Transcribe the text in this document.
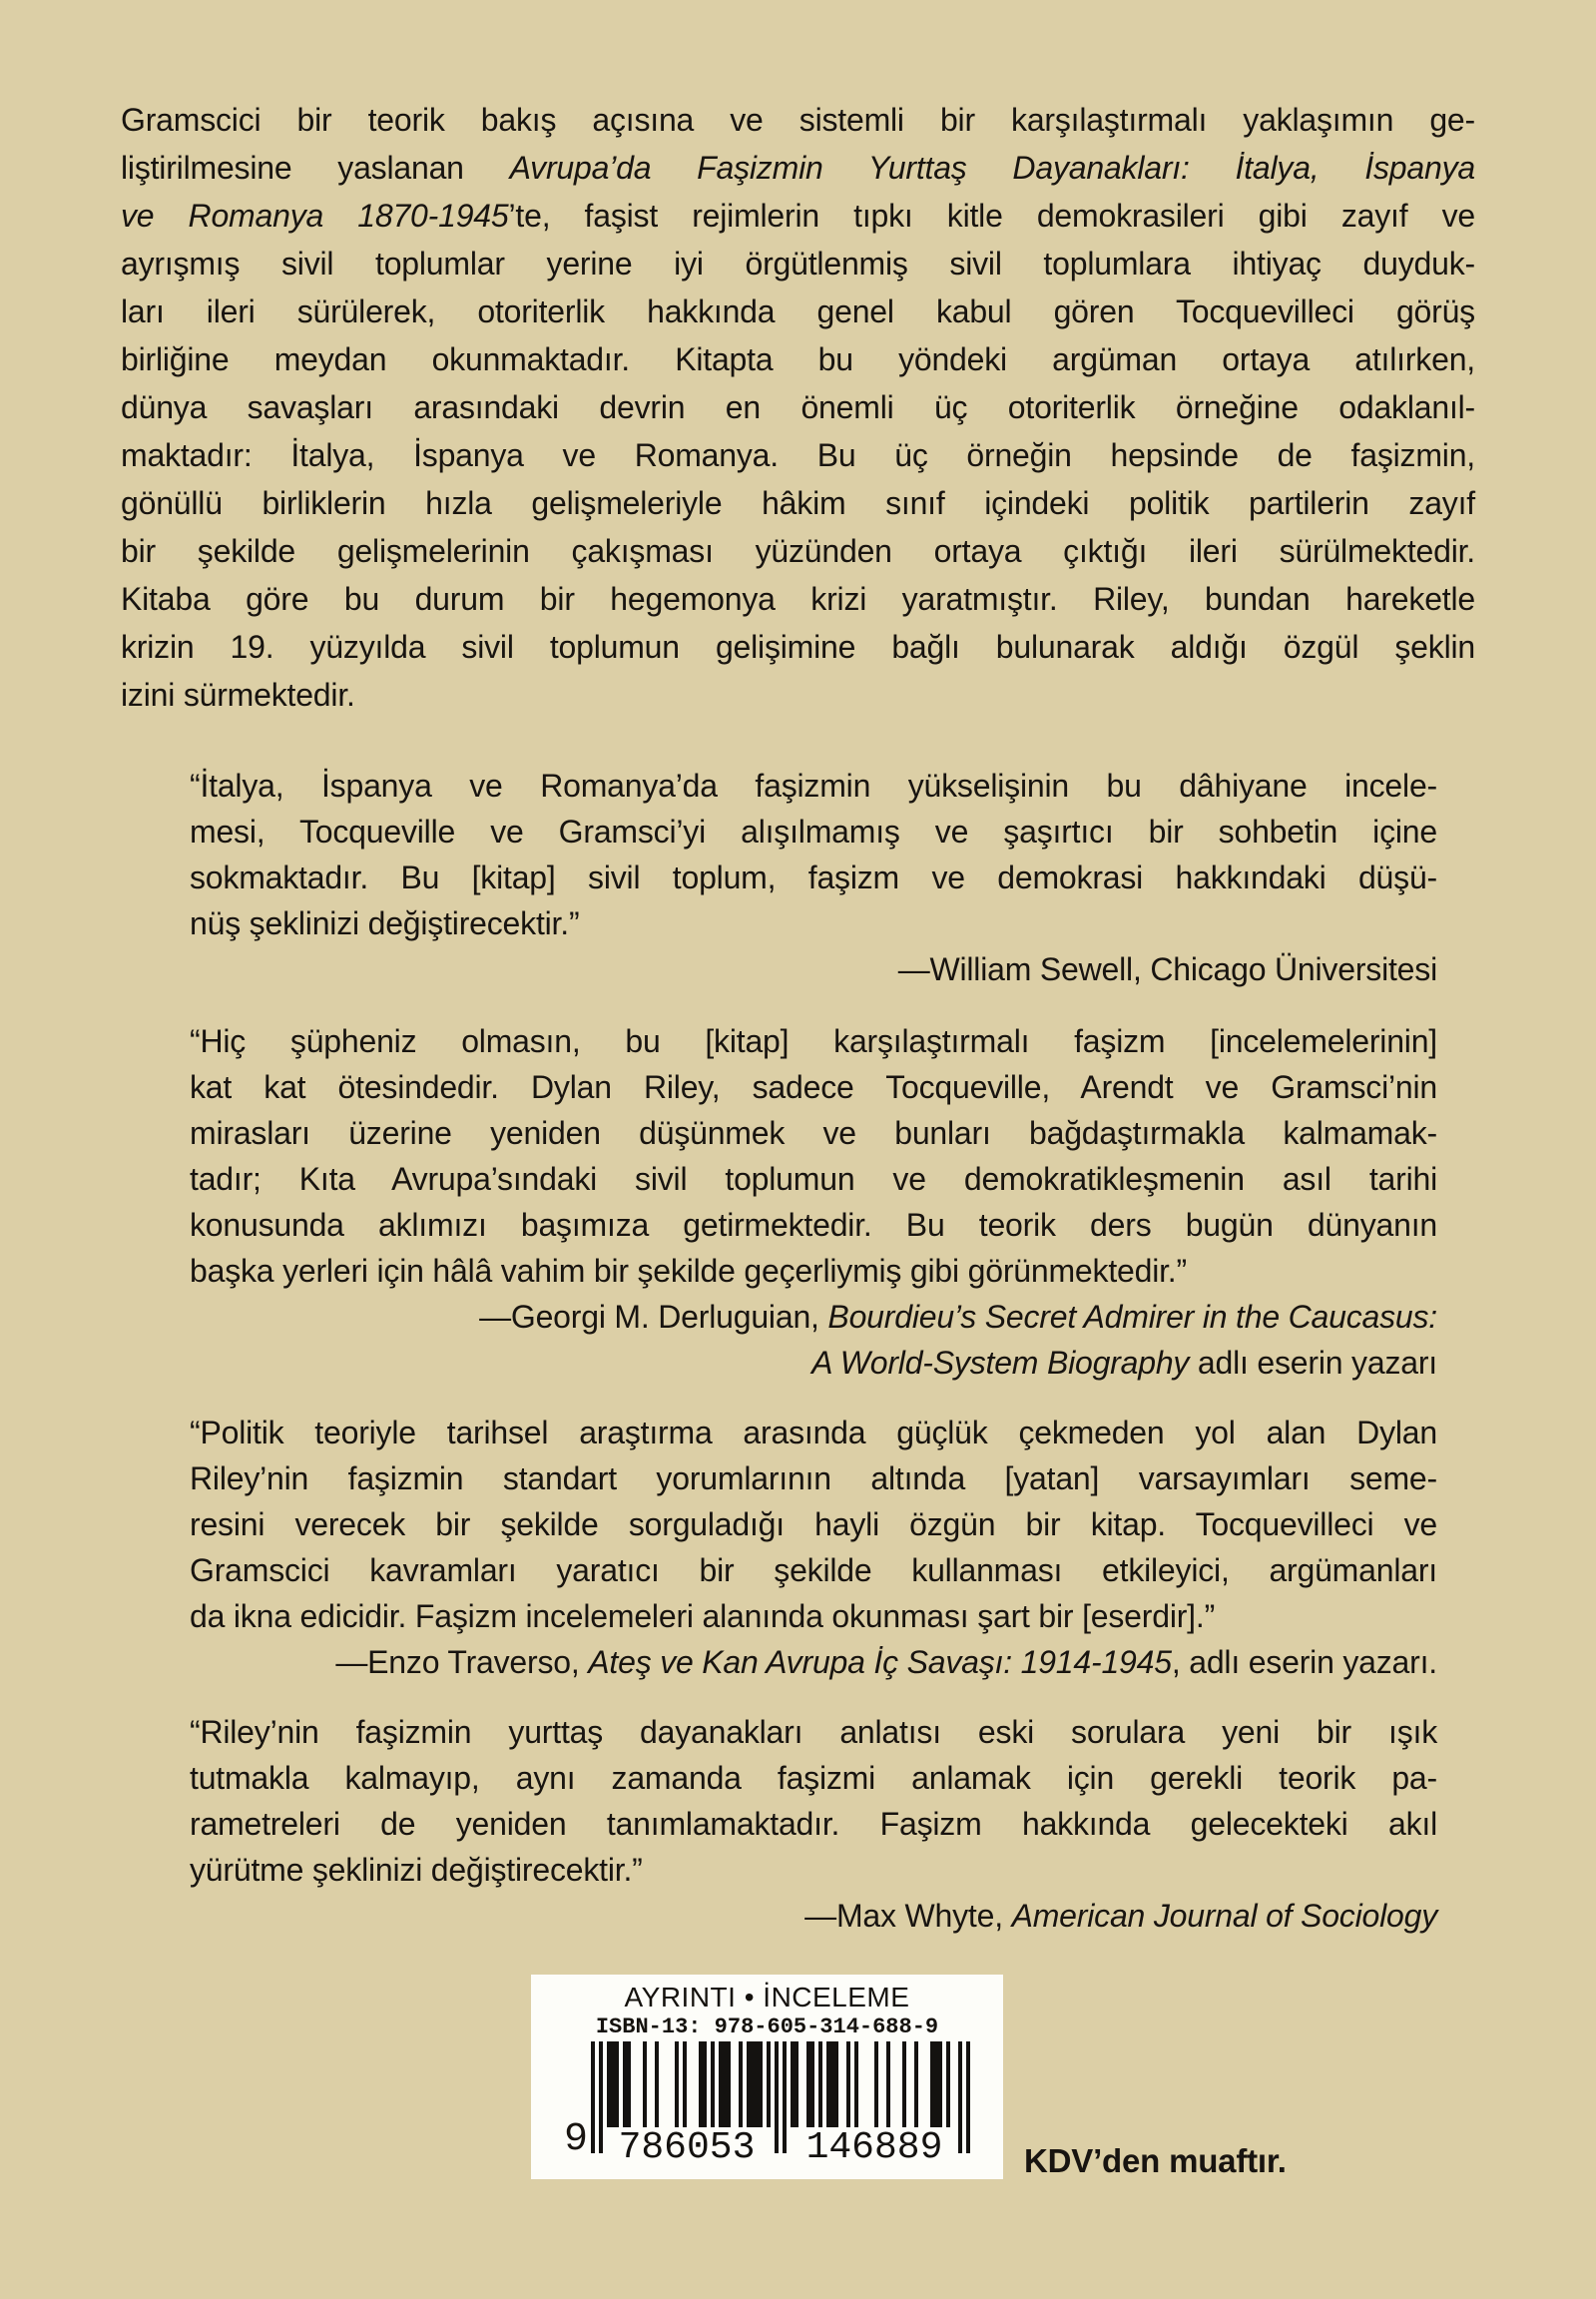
Gramscici bir teorik bakış açısına ve sistemli bir karşılaştırmalı yaklaşımın ge-
liştirilmesine yaslanan Avrupa’da Faşizmin Yurttaş Dayanakları: İtalya, İspanya
ve Romanya 1870-1945’te, faşist rejimlerin tıpkı kitle demokrasileri gibi zayıf ve
ayrışmış sivil toplumlar yerine iyi örgütlenmiş sivil toplumlara ihtiyaç duyduk-
ları ileri sürülerek, otoriterlik hakkında genel kabul gören Tocquevilleci görüş
birliğine meydan okunmaktadır. Kitapta bu yöndeki argüman ortaya atılırken,
dünya savaşları arasındaki devrin en önemli üç otoriterlik örneğine odaklanıl-
maktadır: İtalya, İspanya ve Romanya. Bu üç örneğin hepsinde de faşizmin,
gönüllü birliklerin hızla gelişmeleriyle hâkim sınıf içindeki politik partilerin zayıf
bir şekilde gelişmelerinin çakışması yüzünden ortaya çıktığı ileri sürülmektedir.
Kitaba göre bu durum bir hegemonya krizi yaratmıştır. Riley, bundan hareketle
krizin 19. yüzyılda sivil toplumun gelişimine bağlı bulunarak aldığı özgül şeklin
izini sürmektedir.
“İtalya, İspanya ve Romanya’da faşizmin yükselişinin bu dâhiyane incele-
mesi, Tocqueville ve Gramsci’yi alışılmamış ve şaşırtıcı bir sohbetin içine
sokmaktadır. Bu [kitap] sivil toplum, faşizm ve demokrasi hakkındaki düşü-
nüş şeklinizi değiştirecektir.”
—William Sewell, Chicago Üniversitesi
“Hiç şüpheniz olmasın, bu [kitap] karşılaştırmalı faşizm [incelemelerinin]
kat kat ötesindedir. Dylan Riley, sadece Tocqueville, Arendt ve Gramsci’nin
mirasları üzerine yeniden düşünmek ve bunları bağdaştırmakla kalmamak-
tadır; Kıta Avrupa’sındaki sivil toplumun ve demokratikleşmenin asıl tarihi
konusunda aklımızı başımıza getirmektedir. Bu teorik ders bugün dünyanın
başka yerleri için hâlâ vahim bir şekilde geçerliymiş gibi görünmektedir.”
—Georgi M. Derluguian, Bourdieu’s Secret Admirer in the Caucasus:
A World-System Biography adlı eserin yazarı
“Politik teoriyle tarihsel araştırma arasında güçlük çekmeden yol alan Dylan
Riley’nin faşizmin standart yorumlarının altında [yatan] varsayımları seme-
resini verecek bir şekilde sorguladığı hayli özgün bir kitap. Tocquevilleci ve
Gramscici kavramları yaratıcı bir şekilde kullanması etkileyici, argümanları
da ikna edicidir. Faşizm incelemeleri alanında okunması şart bir [eserdir].”
—Enzo Traverso, Ateş ve Kan Avrupa İç Savaşı: 1914-1945, adlı eserin yazarı.
“Riley’nin faşizmin yurttaş dayanakları anlatısı eski sorulara yeni bir ışık
tutmakla kalmayıp, aynı zamanda faşizmi anlamak için gerekli teorik pa-
rametreleri de yeniden tanımlamaktadır. Faşizm hakkında gelecekteki akıl
yürütme şeklinizi değiştirecektir.”
—Max Whyte, American Journal of Sociology
AYRINTI • İNCELEME
ISBN-13: 978-605-314-688-9
9 786053 146889 KDV’den muaftır.
